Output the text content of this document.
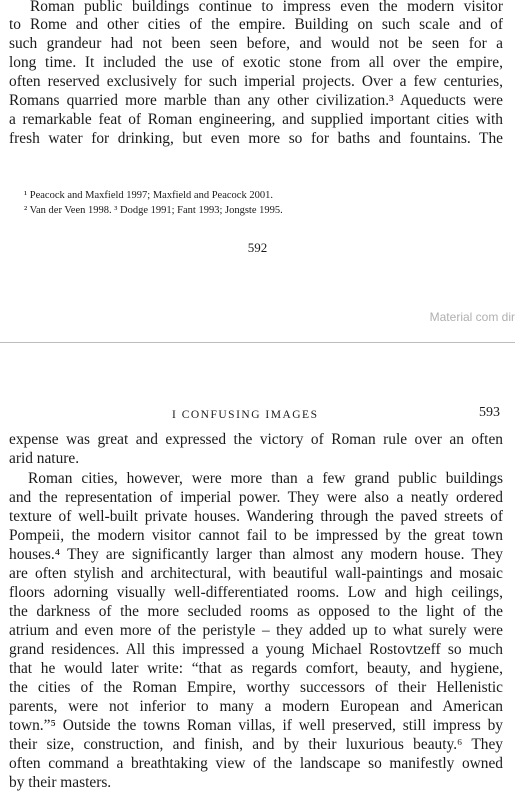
Roman public buildings continue to impress even the modern visitor
to Rome and other cities of the empire. Building on such scale and of
such grandeur had not been seen before, and would not be seen for a
long time. It included the use of exotic stone from all over the empire,
often reserved exclusively for such imperial projects. Over a few centuries,
Romans quarried more marble than any other civilization.³ Aqueducts were
a remarkable feat of Roman engineering, and supplied important cities with
fresh water for drinking, but even more so for baths and fountains. The
¹ Peacock and Maxfield 1997; Maxfield and Peacock 2001.
² Van der Veen 1998. ³ Dodge 1991; Fant 1993; Jongste 1995.
592
Material com dir
I CONFUSING IMAGES	593
expense was great and expressed the victory of Roman rule over an often
arid nature.
Roman cities, however, were more than a few grand public buildings
and the representation of imperial power. They were also a neatly ordered
texture of well-built private houses. Wandering through the paved streets of
Pompeii, the modern visitor cannot fail to be impressed by the great town
houses.⁴ They are significantly larger than almost any modern house. They
are often stylish and architectural, with beautiful wall-paintings and mosaic
floors adorning visually well-differentiated rooms. Low and high ceilings,
the darkness of the more secluded rooms as opposed to the light of the
atrium and even more of the peristyle – they added up to what surely were
grand residences. All this impressed a young Michael Rostovtzeff so much
that he would later write: “that as regards comfort, beauty, and hygiene,
the cities of the Roman Empire, worthy successors of their Hellenistic
parents, were not inferior to many a modern European and American
town.”⁵ Outside the towns Roman villas, if well preserved, still impress by
their size, construction, and finish, and by their luxurious beauty.⁶ They
often command a breathtaking view of the landscape so manifestly owned
by their masters.
